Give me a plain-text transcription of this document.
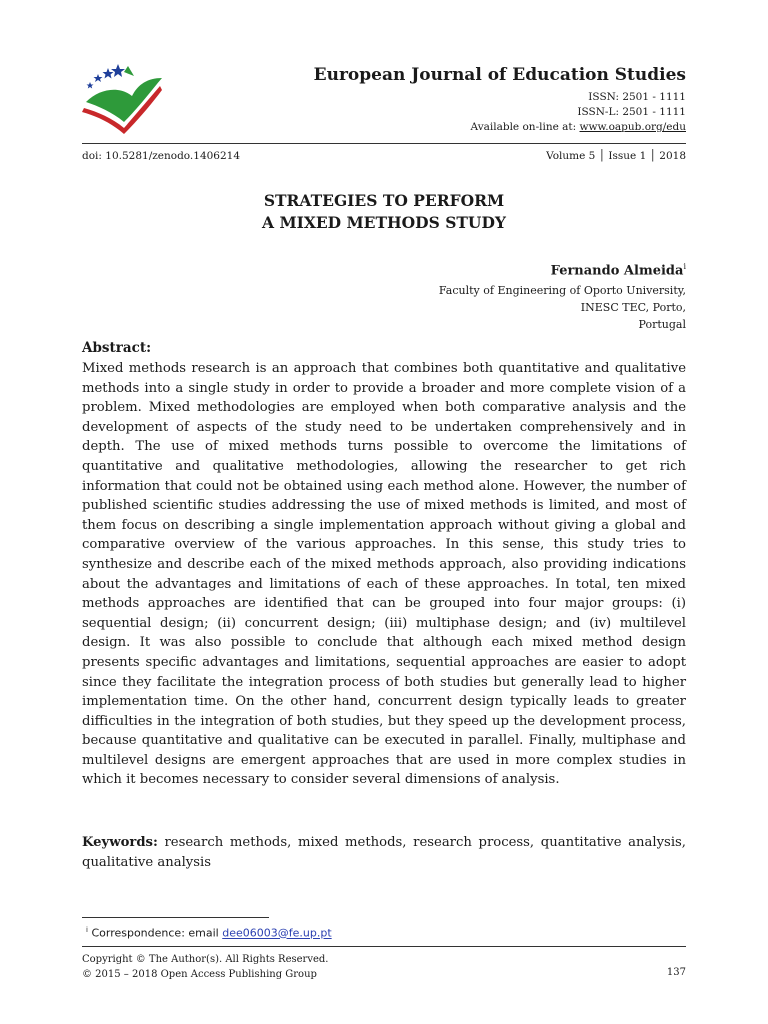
European Journal of Education Studies
ISSN: 2501 - 1111
ISSN-L: 2501 - 1111
Available on-line at: www.oapub.org/edu
doi: 10.5281/zenodo.1406214	Volume 5 │ Issue 1 │ 2018
STRATEGIES TO PERFORM
A MIXED METHODS STUDY
Fernando Almeida$^i$
Faculty of Engineering of Oporto University,
INESC TEC, Porto,
Portugal
Abstract:
Mixed methods research is an approach that combines both quantitative and qualitative methods into a single study in order to provide a broader and more complete vision of a problem. Mixed methodologies are employed when both comparative analysis and the development of aspects of the study need to be undertaken comprehensively and in depth. The use of mixed methods turns possible to overcome the limitations of quantitative and qualitative methodologies, allowing the researcher to get rich information that could not be obtained using each method alone. However, the number of published scientific studies addressing the use of mixed methods is limited, and most of them focus on describing a single implementation approach without giving a global and comparative overview of the various approaches. In this sense, this study tries to synthesize and describe each of the mixed methods approach, also providing indications about the advantages and limitations of each of these approaches. In total, ten mixed methods approaches are identified that can be grouped into four major groups: (i) sequential design; (ii) concurrent design; (iii) multiphase design; and (iv) multilevel design. It was also possible to conclude that although each mixed method design presents specific advantages and limitations, sequential approaches are easier to adopt since they facilitate the integration process of both studies but generally lead to higher implementation time. On the other hand, concurrent design typically leads to greater difficulties in the integration of both studies, but they speed up the development process, because quantitative and qualitative can be executed in parallel. Finally, multiphase and multilevel designs are emergent approaches that are used in more complex studies in which it becomes necessary to consider several dimensions of analysis.
Keywords: research methods, mixed methods, research process, quantitative analysis, qualitative analysis
$^i$ Correspondence: email dee06003@fe.up.pt
Copyright © The Author(s). All Rights Reserved.
© 2015 – 2018 Open Access Publishing Group	137
